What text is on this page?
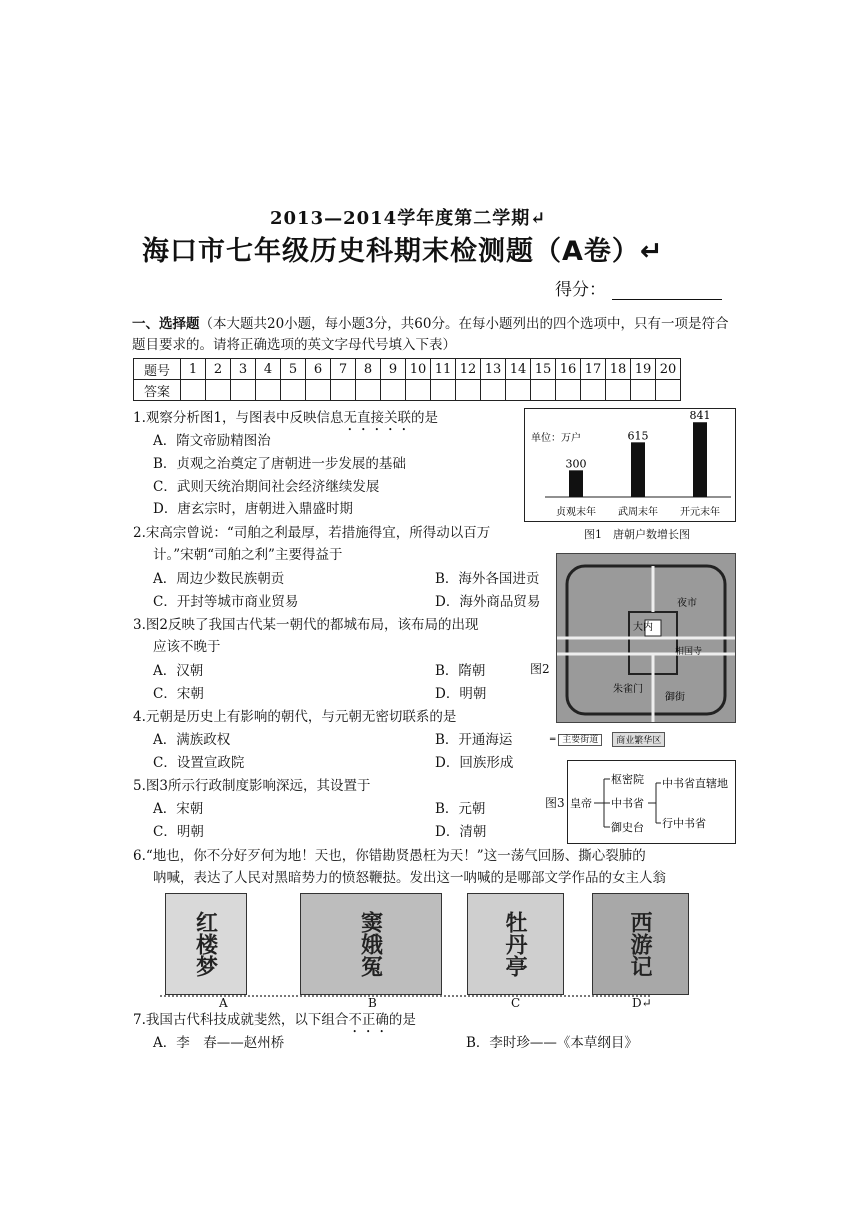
2013—2014学年度第二学期↵
海口市七年级历史科期末检测题（A卷）↵
得分：
一、选择题（本大题共20小题，每小题3分，共60分。在每小题列出的四个选项中，只有一项是符合题目要求的。请将正确选项的英文字母代号填入下表）
题号	1	2	3	4	5	6	7	8	9	10	11	12	13	14	15	16	17	18	19	20
答案																				
1.观察分析图1，与图表中反映信息无直接关联的是
A．隋文帝励精图治
B．贞观之治奠定了唐朝进一步发展的基础
C．武则天统治期间社会经济继续发展
D．唐玄宗时，唐朝进入鼎盛时期
单位：万户
300
贞观末年
615
武周末年
841
开元末年
图1　唐朝户数增长图
2.宋高宗曾说：“司舶之利最厚，若措施得宜，所得动以百万
计。”宋朝“司舶之利”主要得益于
A．周边少数民族朝贡	B．海外各国进贡
C．开封等城市商业贸易	D．海外商品贸易	夜市
大内
相国寺
朱雀门
御街
图2
═ 主要街道	商业繁华区
3.图2反映了我国古代某一朝代的都城布局，该布局的出现
应该不晚于
A．汉朝	B．隋朝
C．宋朝	D．明朝
4.元朝是历史上有影响的朝代，与元朝无密切联系的是
A．满族政权	B．开通海运
C．设置宣政院	D．回族形成
5.图3所示行政制度影响深远，其设置于
A．宋朝	B．元朝
C．明朝	D．清朝
图3 皇帝
枢密院
中书省
御史台
中书省直辖地
行中书省
6.“地也，你不分好歹何为地！天也，你错勘贤愚枉为天！”这一荡气回肠、撕心裂肺的
呐喊，表达了人民对黑暗势力的愤怒鞭挞。发出这一呐喊的是哪部文学作品的女主人翁
红楼梦	窦娥冤	牡丹亭	西游记
A	B	C	D↵
7.我国古代科技成就斐然，以下组合不正确的是
A．李　春——赵州桥	B．李时珍——《本草纲目》
